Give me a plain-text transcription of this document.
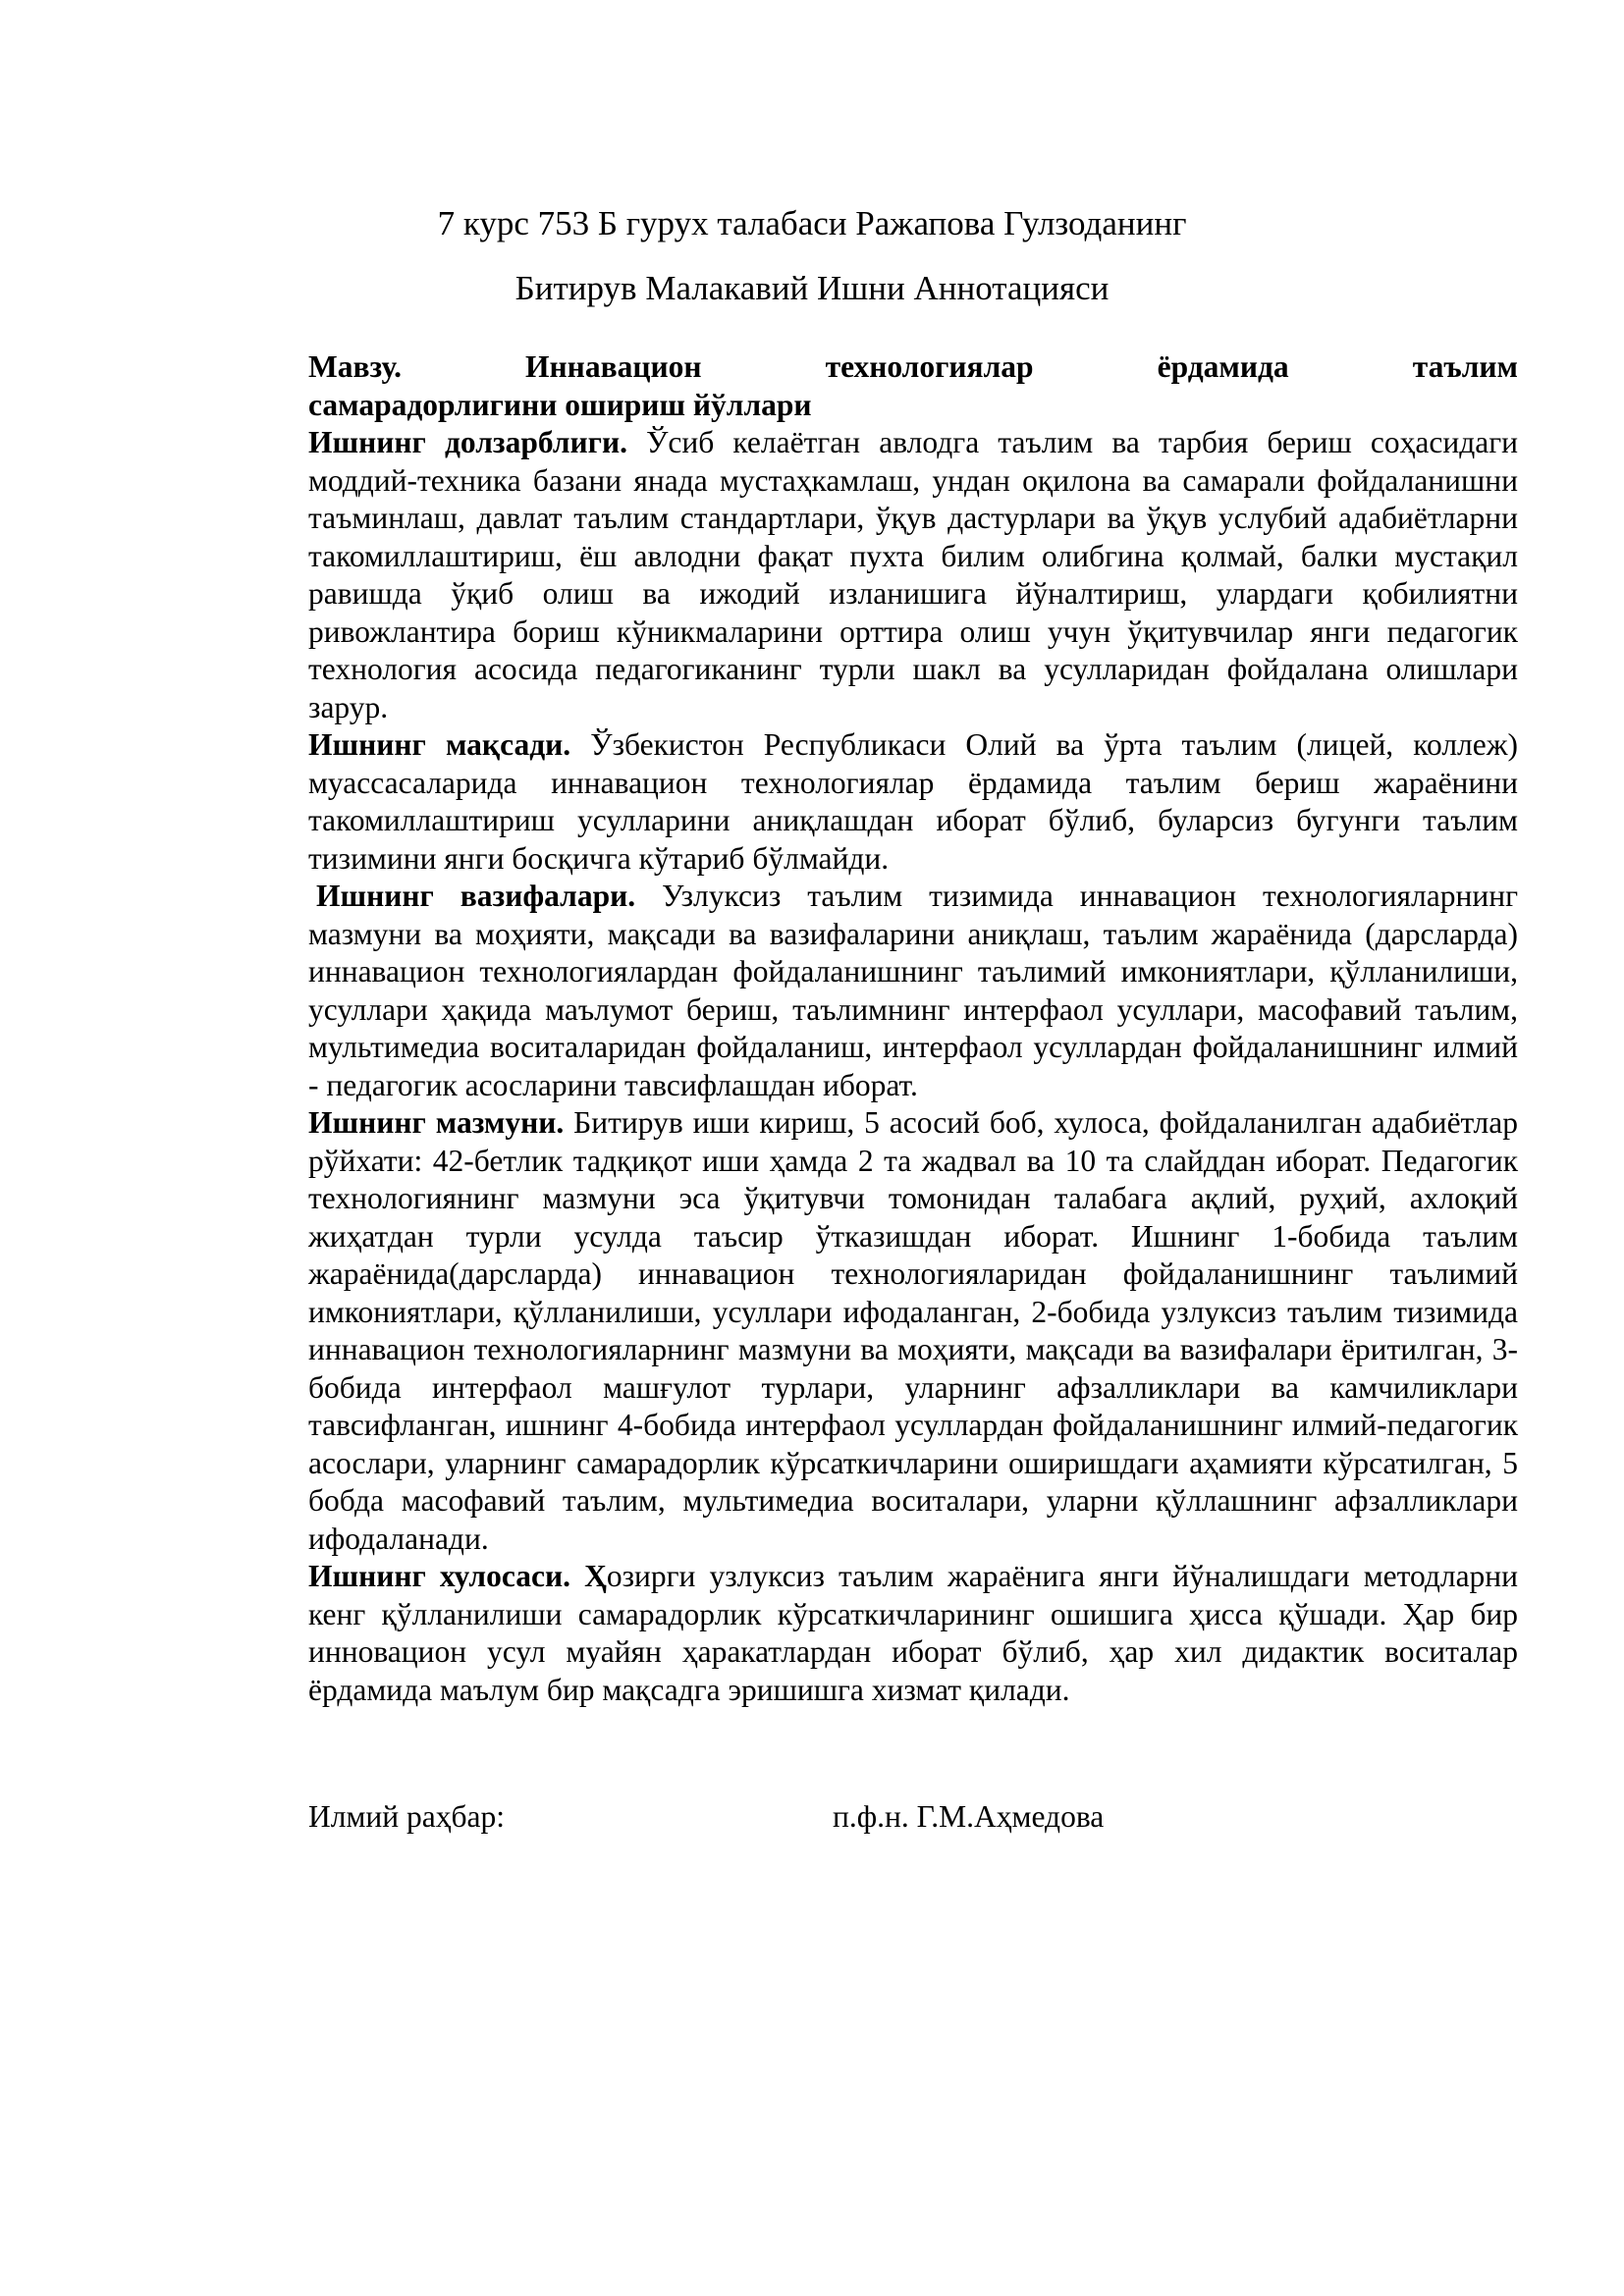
7 курс 753 Б гурух талабаси Ражапова Гулзоданинг
Битирув Малакавий Ишни Аннотацияси

Мавзу. Иннавацион технологиялар ёрдамида таълим
самарадорлигини ошириш йўллари

Ишнинг долзарблиги. Ўсиб келаётган авлодга таълим ва тарбия бериш соҳасидаги моддий-техника базани янада мустаҳкамлаш, ундан оқилона ва самарали фойдаланишни таъминлаш, давлат таълим стандартлари, ўқув дастурлари ва ўқув услубий адабиётларни такомиллаштириш, ёш авлодни фақат пухта билим олибгина қолмай, балки мустақил равишда ўқиб олиш ва ижодий изланишига йўналтириш, улардаги қобилиятни ривожлантира бориш кўникмаларини орттира олиш учун ўқитувчилар янги педагогик технология асосида педагогиканинг турли шакл ва усулларидан фойдалана олишлари зарур.

Ишнинг мақсади. Ўзбекистон Республикаси Олий ва ўрта таълим (лицей, коллеж) муассасаларида иннавацион технологиялар ёрдамида таълим бериш жараёнини такомиллаштириш усулларини аниқлашдан иборат бўлиб, буларсиз бугунги таълим тизимини янги босқичга кўтариб бўлмайди.

Ишнинг вазифалари. Узлуксиз таълим тизимида иннавацион технологияларнинг мазмуни ва моҳияти, мақсади ва вазифаларини аниқлаш, таълим жараёнида (дарсларда) иннавацион технологиялардан фойдаланишнинг таълимий имкониятлари, қўлланилиши, усуллари ҳақида маълумот бериш, таълимнинг интерфаол усуллари, масофавий таълим, мультимедиа воситаларидан фойдаланиш, интерфаол усуллардан фойдаланишнинг илмий - педагогик асосларини тавсифлашдан иборат.

Ишнинг мазмуни. Битирув иши кириш, 5 асосий боб, хулоса, фойдаланилган адабиётлар рўйхати: 42-бетлик тадқиқот иши ҳамда 2 та жадвал ва 10 та слайддан иборат. Педагогик технологиянинг мазмуни эса ўқитувчи томонидан талабага ақлий, руҳий, ахлоқий жиҳатдан турли усулда таъсир ўтказишдан иборат. Ишнинг 1-бобида таълим жараёнида(дарсларда) иннавацион технологияларидан фойдаланишнинг таълимий имкониятлари, қўлланилиши, усуллари ифодаланган, 2-бобида узлуксиз таълим тизимида иннавацион технологияларнинг мазмуни ва моҳияти, мақсади ва вазифалари ёритилган, 3-бобида интерфаол машғулот турлари, уларнинг афзалликлари ва камчиликлари тавсифланган, ишнинг 4-бобида интерфаол усуллардан фойдаланишнинг илмий-педагогик асослари, уларнинг самарадорлик кўрсаткичларини оширишдаги аҳамияти кўрсатилган, 5 бобда масофавий таълим, мультимедиа воситалари, уларни қўллашнинг афзалликлари ифодаланади.

Ишнинг хулосаси. Ҳозирги узлуксиз таълим жараёнига янги йўналишдаги методларни кенг қўлланилиши самарадорлик кўрсаткичларининг ошишига ҳисса қўшади. Ҳар бир инновацион усул муайян ҳаракатлардан иборат бўлиб, ҳар хил дидактик воситалар ёрдамида маълум бир мақсадга эришишга хизмат қилади.

Илмий раҳбар:	п.ф.н. Г.М.Аҳмедова
